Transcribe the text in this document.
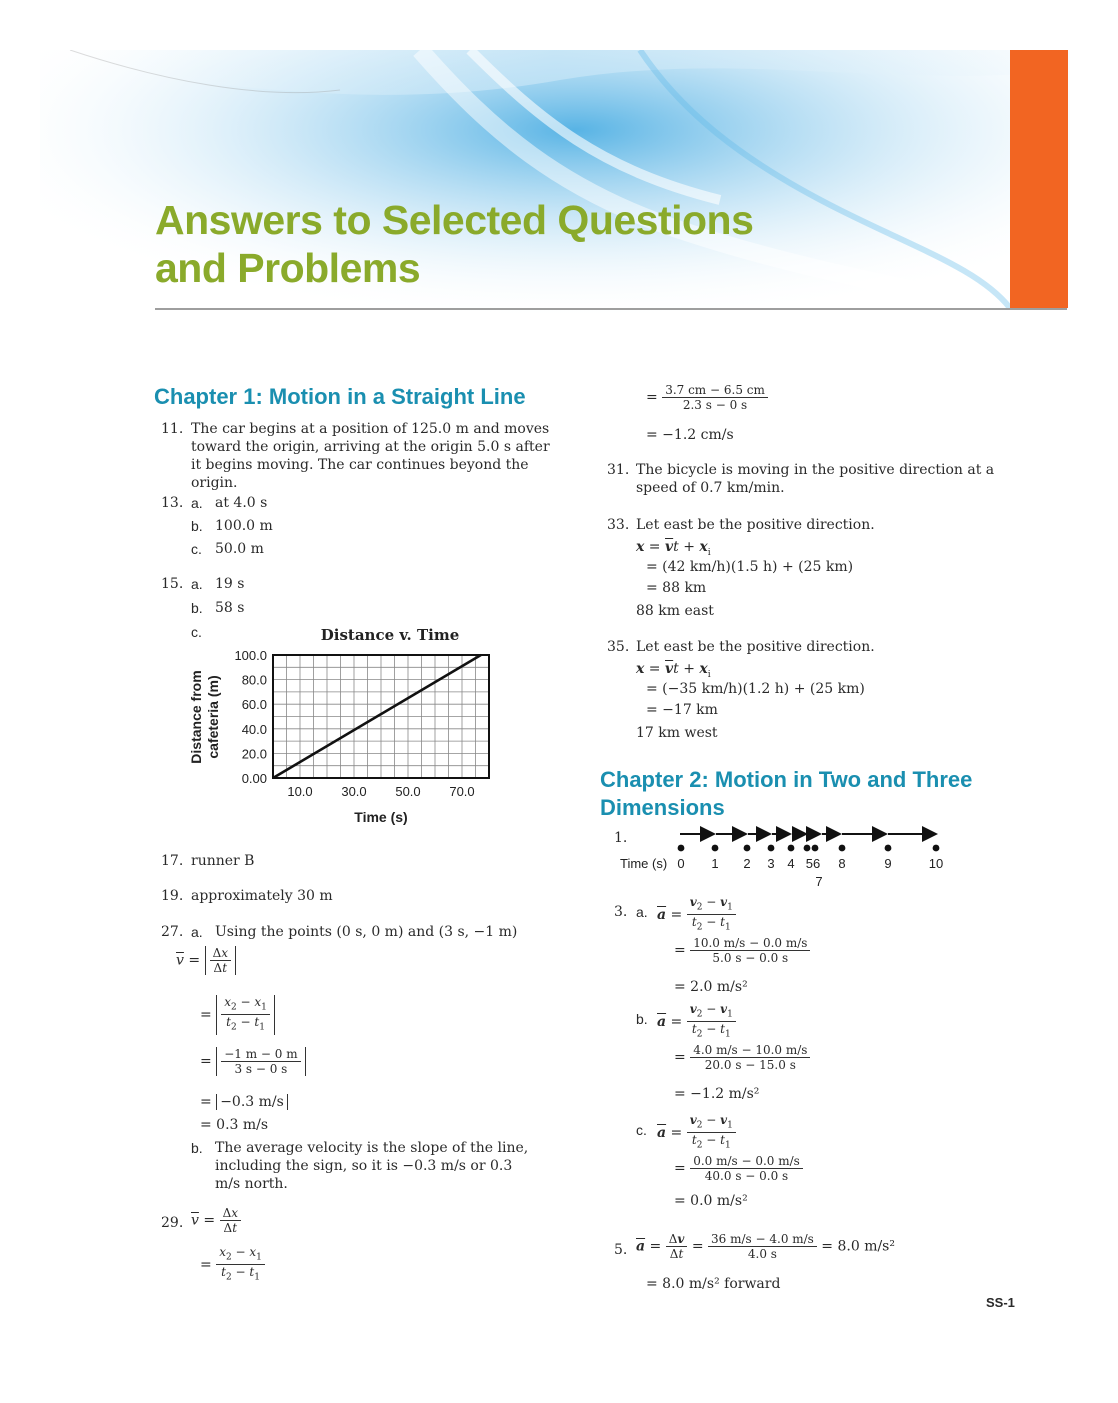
Answers to Selected Questions
and Problems
Chapter 1: Motion in a Straight Line
11. The car begins at a position of 125.0 m and moves toward the origin, arriving at the origin 5.0 s after it begins moving. The car continues beyond the origin.
13. a. at 4.0 s
b. 100.0 m
c. 50.0 m
15. a. 19 s
b. 58 s
c.	Distance v. Time
0.00
20.0
40.0
60.0
80.0
100.0
10.0 30.0 50.0 70.0
Time (s)
Distance from cafeteria (m)
17. runner B
19. approximately 30 m
27. a. Using the points (0 s, 0 m) and (3 s, −1 m)
$\overline{v} = \frac{\Delta x}{\Delta t}$
= $\frac{x_2 - x_1}{t_2 - t_1}$
= $\frac{-1 m - 0 m}{3 s - 0 s}$
= −0.3 m/s
= 0.3 m/s
b. The average velocity is the slope of the line, including the sign, so it is −0.3 m/s or 0.3 m/s north.
29. $\overline{v} = \frac{\Delta x}{\Delta t}$
= $\frac{x_2 - x_1}{t_2 - t_1}$
= $\frac{3.7 cm - 6.5 cm}{2.3 s - 0 s}$
= −1.2 cm/s
31. The bicycle is moving in the positive direction at a speed of 0.7 km/min.
33. Let east be the positive direction.
$x = \overline{v}t + x_i$
= (42 km/h)(1.5 h) + (25 km)
= 88 km
88 km east
35. Let east be the positive direction.
$x = \overline{v}t + x_i$
= (−35 km/h)(1.2 h) + (25 km)
= −17 km
17 km west
Chapter 2: Motion in Two and Three
Dimensions
1.
Time (s) 0 1 2 3 4 56 8	9	10
7
3. a. $\overline{a} = \frac{v_2 - v_1}{t_2 - t_1}$
= $\frac{10.0 m/s - 0.0 m/s}{5.0 s - 0.0 s}$
= 2.0 m/s²
b. $\overline{a} = \frac{v_2 - v_1}{t_2 - t_1}$
= $\frac{4.0 m/s - 10.0 m/s}{20.0 s - 15.0 s}$
= −1.2 m/s²
c. $\overline{a} = \frac{v_2 - v_1}{t_2 - t_1}$
= $\frac{0.0 m/s - 0.0 m/s}{40.0 s - 0.0 s}$
= 0.0 m/s²
5. $\overline{a} = \frac{\Delta v}{\Delta t} = \frac{36 m/s - 4.0 m/s}{4.0 s} = 8.0$ m/s²
= 8.0 m/s² forward
SS-1
